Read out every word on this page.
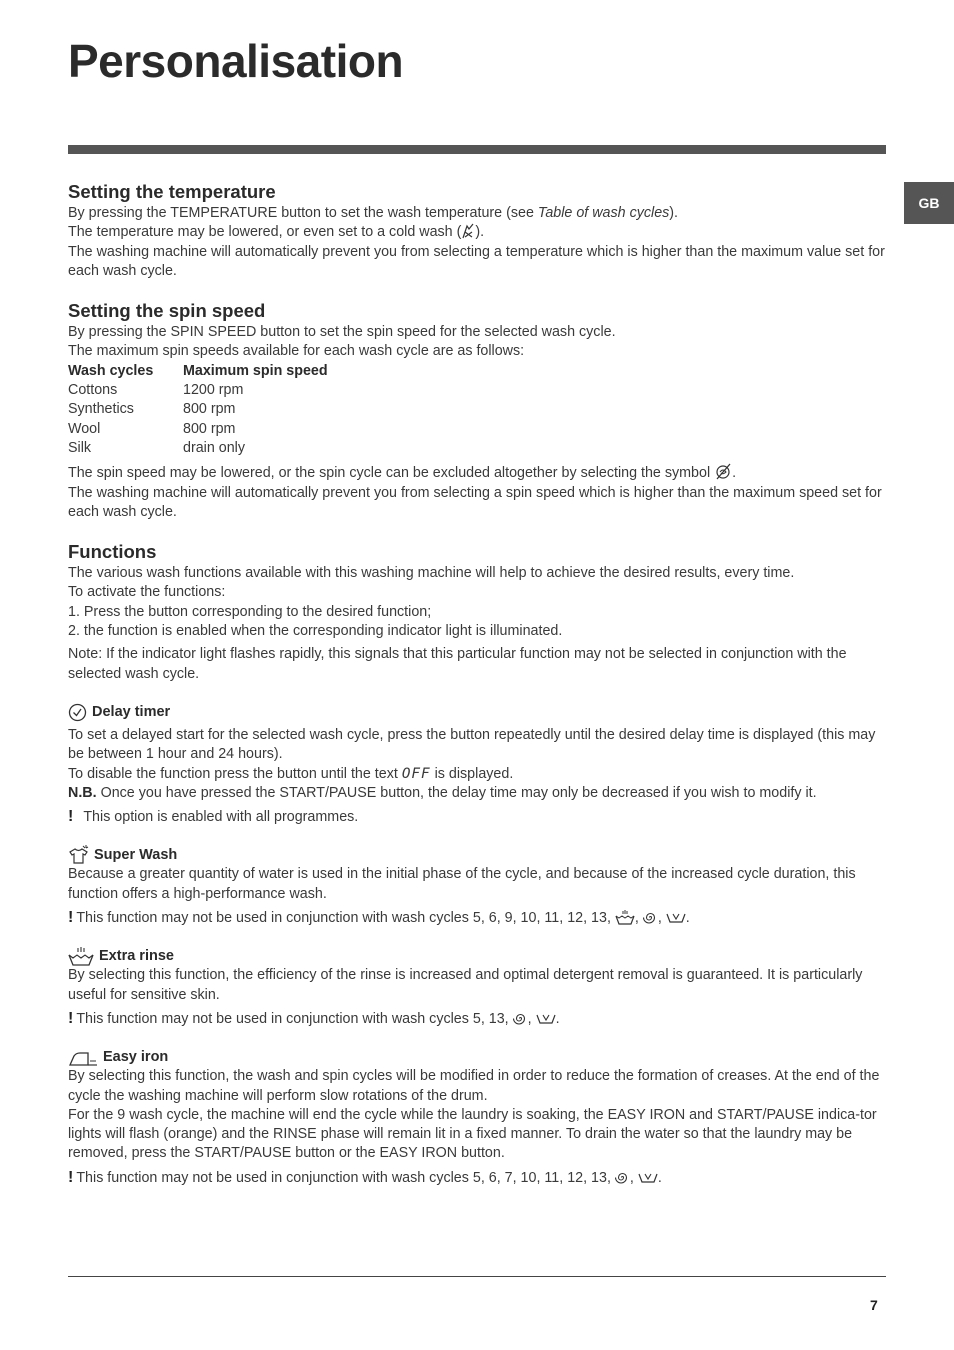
Personalisation
GB
Setting the temperature

By pressing the TEMPERATURE button to set the wash temperature (see Table of wash cycles).

The temperature may be lowered, or even set to a cold wash ( ).

The washing machine will automatically prevent you from selecting a temperature which is higher than the maximum value set for each wash cycle.

Setting the spin speed

By pressing the SPIN SPEED button to set the spin speed for the selected wash cycle.

The maximum spin speeds available for each wash cycle are as follows:

Wash cycles	Maximum spin speed
Cottons	1200 rpm
Synthetics	800 rpm
Wool	800 rpm
Silk	drain only

The spin speed may be lowered, or the spin cycle can be excluded altogether by selecting the symbol .

The washing machine will automatically prevent you from selecting a spin speed which is higher than the maximum speed set for each wash cycle.

Functions

The various wash functions available with this washing machine will help to achieve the desired results, every time.

To activate the functions:

1. Press the button corresponding to the desired function;

2. the function is enabled when the corresponding indicator light is illuminated.

Note: If the indicator light flashes rapidly, this signals that this particular function may not be selected in conjunction with the selected wash cycle.

Delay timer

To set a delayed start for the selected wash cycle, press the button repeatedly until the desired delay time is displayed (this may be between 1 hour and 24 hours).

To disable the function press the button until the text OFF is displayed.

N.B. Once you have pressed the START/PAUSE button, the delay time may only be decreased if you wish to modify it.

! This option is enabled with all programmes.

Super Wash

Because a greater quantity of water is used in the initial phase of the cycle, and because of the increased cycle duration, this function offers a high-performance wash.

! This function may not be used in conjunction with wash cycles 5, 6, 9, 10, 11, 12, 13, , , .

Extra rinse

By selecting this function, the efficiency of the rinse is increased and optimal detergent removal is guaranteed. It is particularly useful for sensitive skin.

! This function may not be used in conjunction with wash cycles 5, 13, , .

Easy iron

By selecting this function, the wash and spin cycles will be modified in order to reduce the formation of creases. At the end of the cycle the washing machine will perform slow rotations of the drum.

For the 9 wash cycle, the machine will end the cycle while the laundry is soaking, the EASY IRON and START/PAUSE indica-tor lights will flash (orange) and the RINSE phase will remain lit in a fixed manner. To drain the water so that the laundry may be removed, press the START/PAUSE button or the EASY IRON button.

! This function may not be used in conjunction with wash cycles 5, 6, 7, 10, 11, 12, 13, , .

7
